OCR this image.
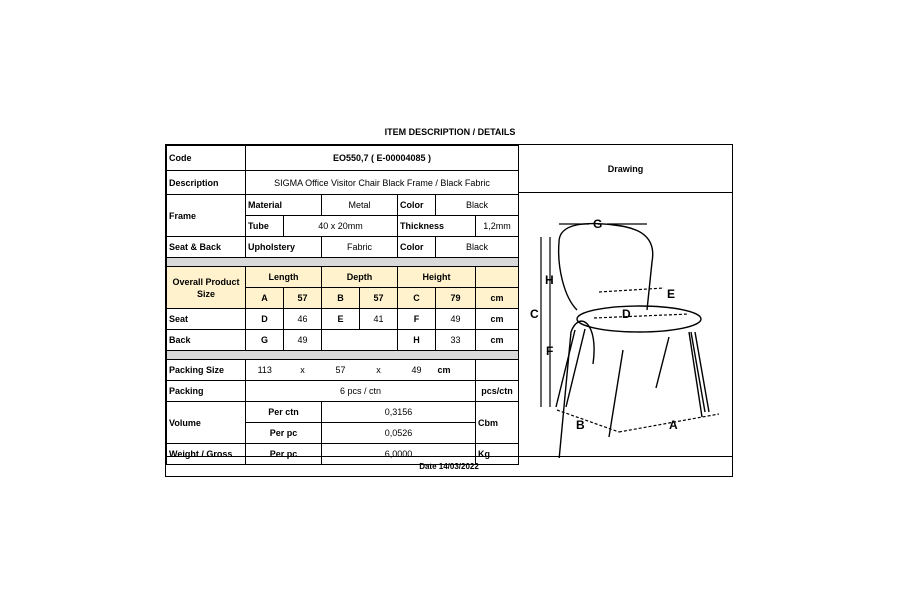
ITEM DESCRIPTION / DETAILS
Code	EO550,7 ( E-00004085 )						
Description	SIGMA Office Visitor Chair Black Frame / Black Fabric						
Frame	Material		Metal		Color	Black	
	Tube	40 x 20mm			Thickness		1,2mm
Seat & Back	Upholstery		Fabric		Color	Black	

Overall Product Size	Length		Depth		Height		
	A	57	B	57	C	79	cm
Seat	D	46	E	41	F	49	cm
Back	G	49			H	33	cm

Packing Size	113	x	57	x	49	cm	
Packing	6 pcs / ctn						pcs/ctn
Volume	Per ctn		0,3156				Cbm
	Per pc		0,0526				
Weight / Gross	Per pc		6,0000				Kg
Drawing
G
H
C
E
D
F
B	A
Date 14/03/2022
